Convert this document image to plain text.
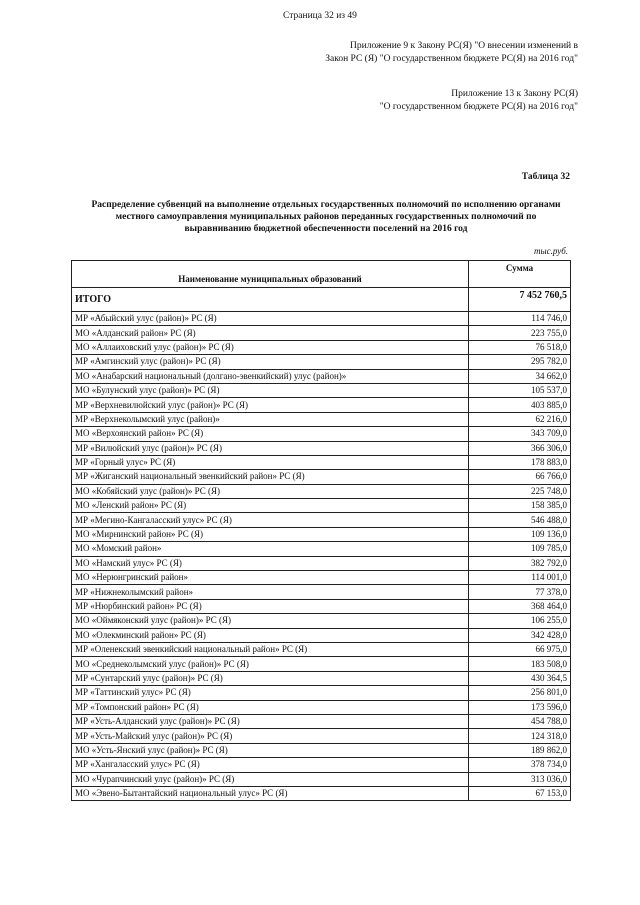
Страница 32 из 49
Приложение 9 к Закону РС(Я) "О внесении изменений в
Закон РС (Я) "О государственном бюджете РС(Я) на 2016 год"
Приложение 13 к Закону РС(Я)
"О государственном бюджете РС(Я) на 2016 год"
Таблица 32
Распределение субвенций на выполнение отдельных государственных полномочий по исполнению органами
местного самоуправления муниципальных районов переданных государственных полномочий по
выравниванию бюджетной обеспеченности поселений на 2016 год
тыс.руб.
Наименование муниципальных образований	Сумма
ИТОГО	7 452 760,5
МР «Абыйский улус (район)» РС (Я)	114 746,0
МО «Алданский район» РС (Я)	223 755,0
МО «Аллаиховский улус (район)» РС (Я)	76 518,0
МР «Амгинский улус (район)» РС (Я)	295 782,0
МО «Анабарский национальный (долгано-эвенкийский) улус (район)»	34 662,0
МО «Булунский улус (район)» РС (Я)	105 537,0
МР «Верхневилюйский улус (район)» РС (Я)	403 885,0
МР «Верхнеколымский улус (район)»	62 216,0
МО «Верхоянский район» РС (Я)	343 709,0
МР «Вилюйский улус (район)» РС (Я)	366 306,0
МР «Горный улус» РС (Я)	178 883,0
МР «Жиганский национальный эвенкийский район» РС (Я)	66 766,0
МО «Кобяйский улус (район)» РС (Я)	225 748,0
МО «Ленский район» РС (Я)	158 385,0
МР «Мегино-Кангаласский улус» РС (Я)	546 488,0
МО «Мирнинский район» РС (Я)	109 136,0
МО «Момский район»	109 785,0
МО «Намский улус» РС (Я)	382 792,0
МО «Нерюнгринский район»	114 001,0
МР «Нижнеколымский район»	77 378,0
МР «Нюрбинский район» РС (Я)	368 464,0
МО «Оймяконский улус (район)» РС (Я)	106 255,0
МО «Олекминский район» РС (Я)	342 428,0
МР «Оленекский эвенкийский национальный район» РС (Я)	66 975,0
МО «Среднеколымский улус (район)» РС (Я)	183 508,0
МР «Сунтарский улус (район)» РС (Я)	430 364,5
МР «Таттинский улус» РС (Я)	256 801,0
МР «Томпонский район» РС (Я)	173 596,0
МР «Усть-Алданский улус (район)» РС (Я)	454 788,0
МР «Усть-Майский улус (район)» РС (Я)	124 318,0
МО «Усть-Янский улус (район)» РС (Я)	189 862,0
МР «Хангаласский улус» РС (Я)	378 734,0
МО «Чурапчинский улус (район)» РС (Я)	313 036,0
МО «Эвено-Бытантайский национальный улус» РС (Я)	67 153,0
